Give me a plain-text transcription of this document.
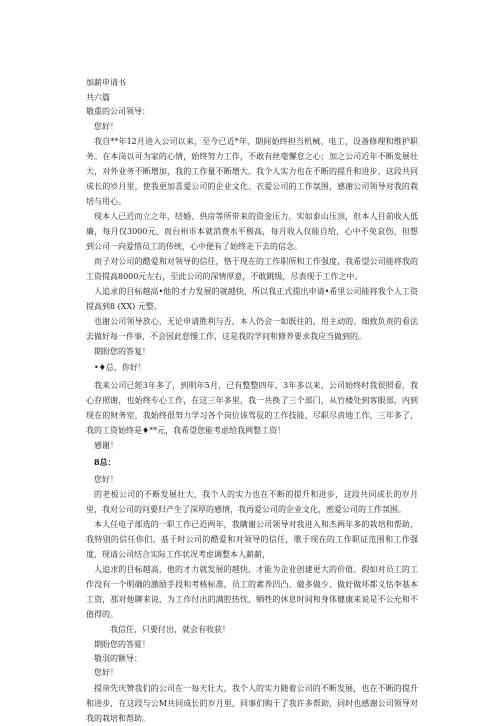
加薪申请书

共六篇

敬重的公司领导：

您好！

我自**年12月进入公司以来，至今已近*年，期间始终担当机械、电工、设备修理和维护职务。在本岗以可为家的心情，始终努力工作，不敢有丝毫懈怠之心；加之公司近年不断发展壮大，对外业务不断增加，我的工作量不断增大。我个人实力也在不断的提升和进步，这段共同成长的岁月里，使我更加喜爱公司的企业文化、衣爱公司的工作氛围，感谢公司领导对我的栽培与用心。

现本人已近而立之年，结婚、供房等所带来的资金压力，实如泰山压顶，但本人目前收入低廉，每月仅3000元，而台州市本就消费水平极高，每月收入仅能自给，心中不免哀伤，但想到公司一向爱惜员工的传统，心中便有了始终走下去的信念。

而子对公司的酷爱和对领导的信任，恪于现在的工作职所和工作强度，我希望公司能将我的工资提高8000元左右，至此公司的深情厚意，不敢跳级，尽表现于工作之中。

人追求的目标越高•他的才力发展的就越快，所以我正式提出申请•希里公司能将我个人工资提高到8 (XX) 元整。

也谢公司领导放心，无论申请胜利与否，本人仍会一如既往的，用主动的、细致负责的看法去做好每一件事，不会因此怠慢工作，这是我的学问和修养要求我应当做到的。

期盼您的答复！

•♦总，你好！

我来公司已經3年多了，到明年5月，已有整整四年，3年多以来，公司始终时我很照看，我心存照谢，也始终专心工作，在这三年多里，我一共换了三个部门，从竹楼处到客眼部，内到现在的财务室，我始终很努力学习各个岗位该驾驭的工作技能，尽职尽责地工作，三年多了，我的工资始终是♦**元，我希望您能考虑给我网整工资！

感谢！

8总：

您好！

的老板公司的不断发展壮大，我个人的实力也在不断的提升和进步，这段共同成长的岁月里，我对公司的问要归产生了深厚的感情，我再爱公司的企业文化，密爱公司的工作氛围。

本人任电子部选的一职工作已近两年，我瞒谢公司领导对我进入和杰两年多的栽培和帮助，我特别的信任你们。基于时公司的酷爱和对领导的信任，歌于现在的工作职证范围和工作强度，现请公司结合实际工作状况考虑调整本人薪薪，

人追求的目标越高，他的才力就发展的越快，才能为企业创建更大的价值。假如对员工的工作没有一个明确的激励手段和考核标准，员工的素养凹凸、做多做少、做好做坏都义怙李基本工资，那对他聊来说，为工作付出的满腔热忱、牺牲的休息时间和身体健康来说是不公允和不值得的。

我信任，只要付出，就会有收获！

期盼您的答夏！

敬羽的额导：

您好！

提帝先庆赞我们的公司在一每天壮大，我个人的实力随着公司的不断发展，也在不断的提升和进步，在这段与公M共同成长的岁月里，同事们购于了我许多帮助，同时也感谢公司领导对我的栽培和帮助。
